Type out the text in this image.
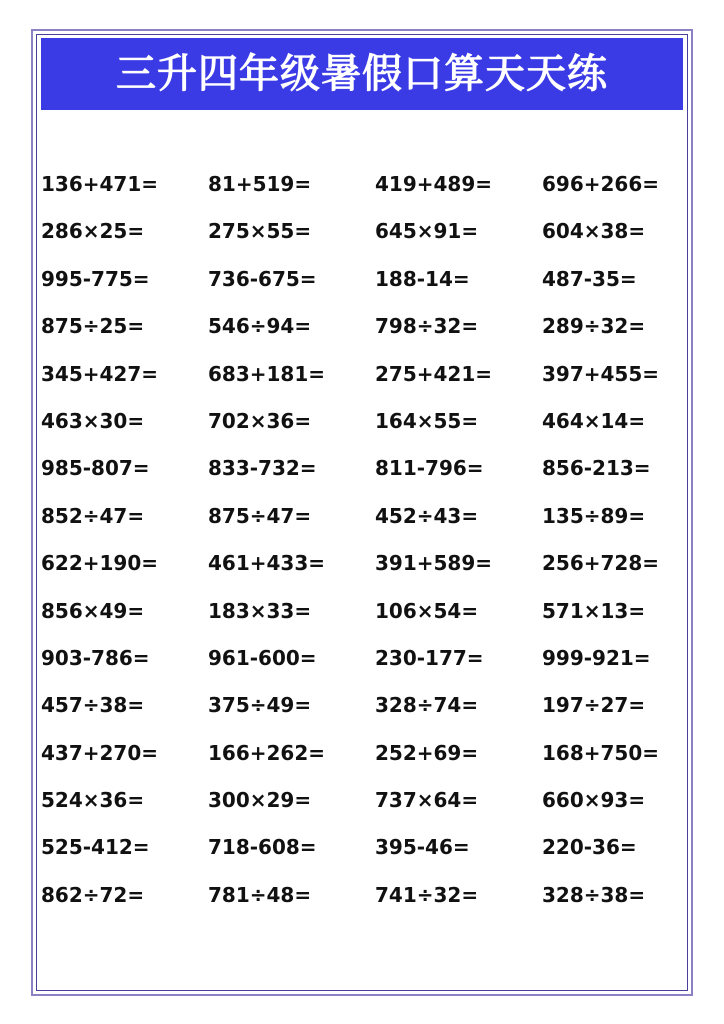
三升四年级暑假口算天天练
136+471=	81+519=	419+489=	696+266=
286×25=	275×55=	645×91=	604×38=
995-775=	736-675=	188-14=	487-35=
875÷25=	546÷94=	798÷32=	289÷32=
345+427=	683+181=	275+421=	397+455=
463×30=	702×36=	164×55=	464×14=
985-807=	833-732=	811-796=	856-213=
852÷47=	875÷47=	452÷43=	135÷89=
622+190=	461+433=	391+589=	256+728=
856×49=	183×33=	106×54=	571×13=
903-786=	961-600=	230-177=	999-921=
457÷38=	375÷49=	328÷74=	197÷27=
437+270=	166+262=	252+69=	168+750=
524×36=	300×29=	737×64=	660×93=
525-412=	718-608=	395-46=	220-36=
862÷72=	781÷48=	741÷32=	328÷38=
